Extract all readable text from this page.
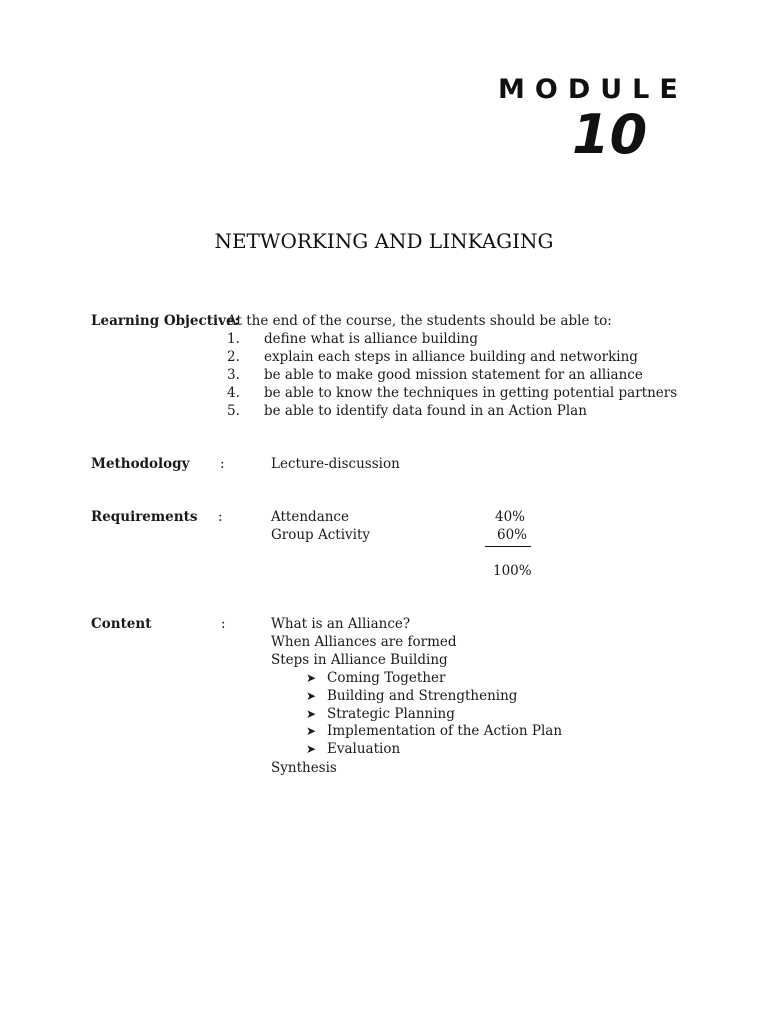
MODULE
10
NETWORKING AND LINKAGING
Learning Objective:
At the end of the course, the students should be able to:
1. define what is alliance building
2. explain each steps in alliance building and networking
3. be able to make good mission statement for an alliance
4. be able to know the techniques in getting potential partners
5. be able to identify data found in an Action Plan
Methodology :	Lecture-discussion
Requirements :	Attendance	40%
Group Activity	60%
100%
Content	:	What is an Alliance?
When Alliances are formed
Steps in Alliance Building
➤ Coming Together
➤ Building and Strengthening
➤ Strategic Planning
➤ Implementation of the Action Plan
➤ Evaluation
Synthesis
